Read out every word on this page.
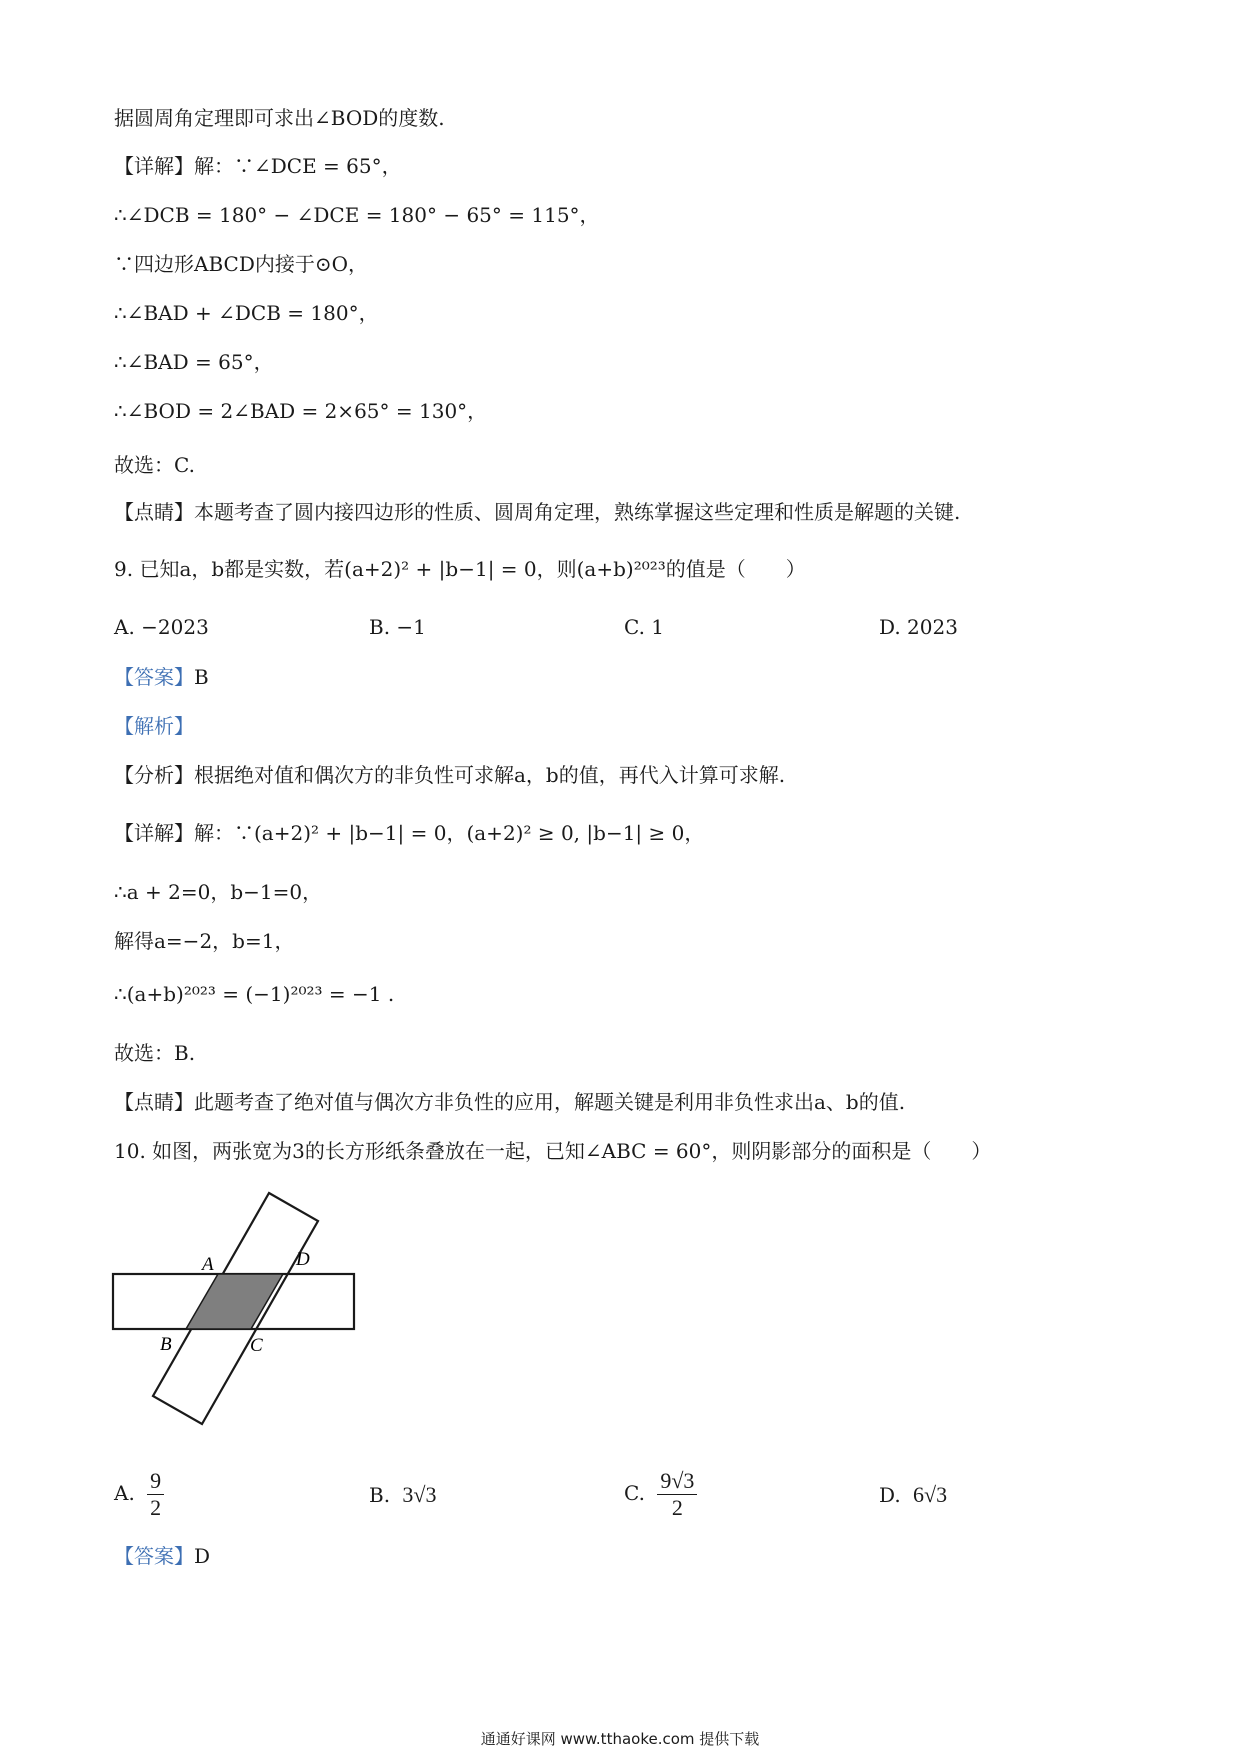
据圆周角定理即可求出∠BOD的度数.
【详解】解：∵∠DCE = 65°，
∴∠DCB = 180° − ∠DCE = 180° − 65° = 115°，
∵四边形ABCD内接于⊙O，
∴∠BAD + ∠DCB = 180°，
∴∠BAD = 65°，
∴∠BOD = 2∠BAD = 2×65° = 130°，
故选：C.
【点睛】本题考查了圆内接四边形的性质、圆周角定理，熟练掌握这些定理和性质是解题的关键.
9. 已知a，b都是实数，若(a+2)² + |b−1| = 0，则(a+b)²⁰²³的值是（　　）
A. −2023	B. −1	C. 1	D. 2023
【答案】B
【解析】
【分析】根据绝对值和偶次方的非负性可求解a，b的值，再代入计算可求解.
【详解】解：∵(a+2)² + |b−1| = 0，(a+2)² ≥ 0, |b−1| ≥ 0，
∴a + 2=0，b−1=0，
解得a=−2，b=1，
∴(a+b)²⁰²³ = (−1)²⁰²³ = −1 .
故选：B.
【点睛】此题考查了绝对值与偶次方非负性的应用，解题关键是利用非负性求出a、b的值.
10. 如图，两张宽为3的长方形纸条叠放在一起，已知∠ABC = 60°，则阴影部分的面积是（　　）
A	D
B	C
A. $\frac{9}{2}$	B. 3√3	C. $\frac{9√3}{2}$	D. 6√3
【答案】D
通通好课网 www.tthaoke.com 提供下载
